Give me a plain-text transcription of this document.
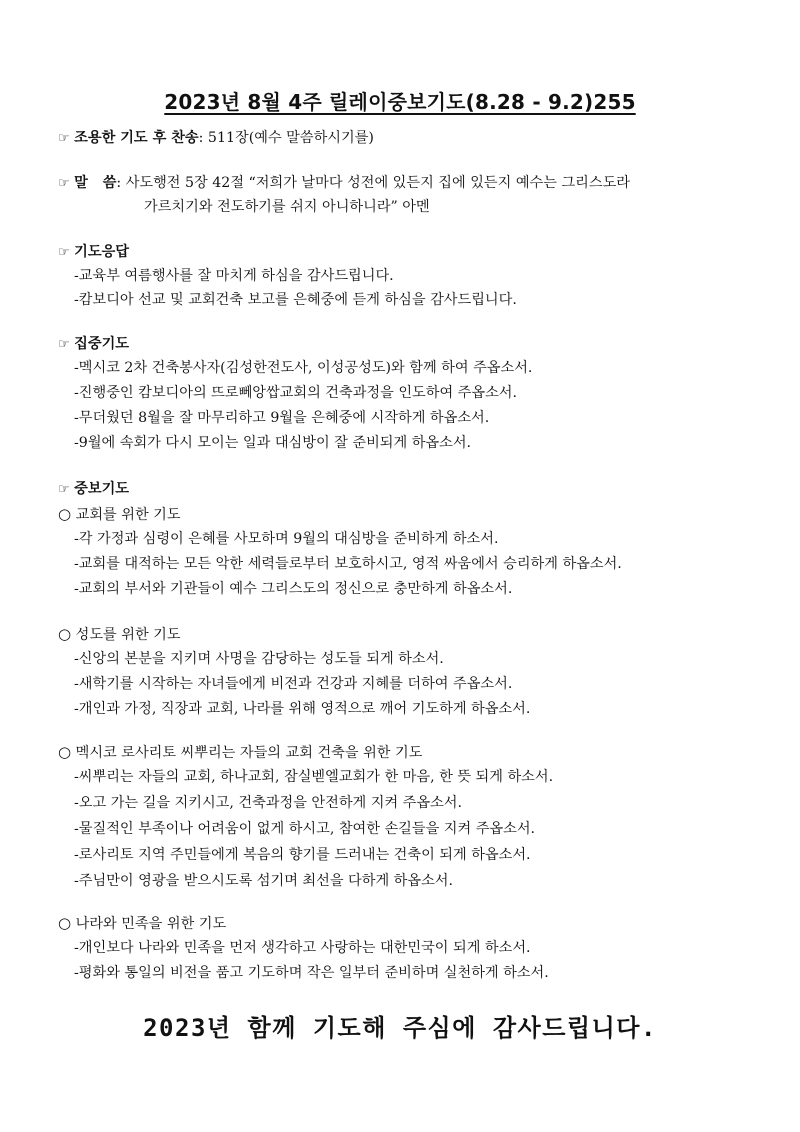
2023년 8월 4주 릴레이중보기도(8.28 - 9.2)255
☞ 조용한 기도 후 찬송: 511장(예수 말씀하시기를)
☞ 말   씀: 사도행전 5장 42절 “저희가 날마다 성전에 있든지 집에 있든지 예수는 그리스도라
가르치기와 전도하기를 쉬지 아니하니라” 아멘
☞ 기도응답
-교육부 여름행사를 잘 마치게 하심을 감사드립니다.
-캄보디아 선교 및 교회건축 보고를 은혜중에 듣게 하심을 감사드립니다.
☞ 집중기도
-멕시코 2차 건축봉사자(김성한전도사, 이성공성도)와 함께 하여 주옵소서.
-진행중인 캄보디아의 뜨로뻬앙쌉교회의 건축과정을 인도하여 주옵소서.
-무더웠던 8월을 잘 마무리하고 9월을 은혜중에 시작하게 하옵소서.
-9월에 속회가 다시 모이는 일과 대심방이 잘 준비되게 하옵소서.
☞ 중보기도
○ 교회를 위한 기도
-각 가정과 심령이 은혜를 사모하며 9월의 대심방을 준비하게 하소서.
-교회를 대적하는 모든 악한 세력들로부터 보호하시고, 영적 싸움에서 승리하게 하옵소서.
-교회의 부서와 기관들이 예수 그리스도의 정신으로 충만하게 하옵소서.
○ 성도를 위한 기도
-신앙의 본분을 지키며 사명을 감당하는 성도들 되게 하소서.
-새학기를 시작하는 자녀들에게 비전과 건강과 지혜를 더하여 주옵소서.
-개인과 가정, 직장과 교회, 나라를 위해 영적으로 깨어 기도하게 하옵소서.
○ 멕시코 로사리토 씨뿌리는 자들의 교회 건축을 위한 기도
-씨뿌리는 자들의 교회, 하나교회, 잠실벧엘교회가 한 마음, 한 뜻 되게 하소서.
-오고 가는 길을 지키시고, 건축과정을 안전하게 지켜 주옵소서.
-물질적인 부족이나 어려움이 없게 하시고, 참여한 손길들을 지켜 주옵소서.
-로사리토 지역 주민들에게 복음의 향기를 드러내는 건축이 되게 하옵소서.
-주님만이 영광을 받으시도록 섬기며 최선을 다하게 하옵소서.
○ 나라와 민족을 위한 기도
-개인보다 나라와 민족을 먼저 생각하고 사랑하는 대한민국이 되게 하소서.
-평화와 통일의 비전을 품고 기도하며 작은 일부터 준비하며 실천하게 하소서.
2023년 함께 기도해 주심에 감사드립니다.
